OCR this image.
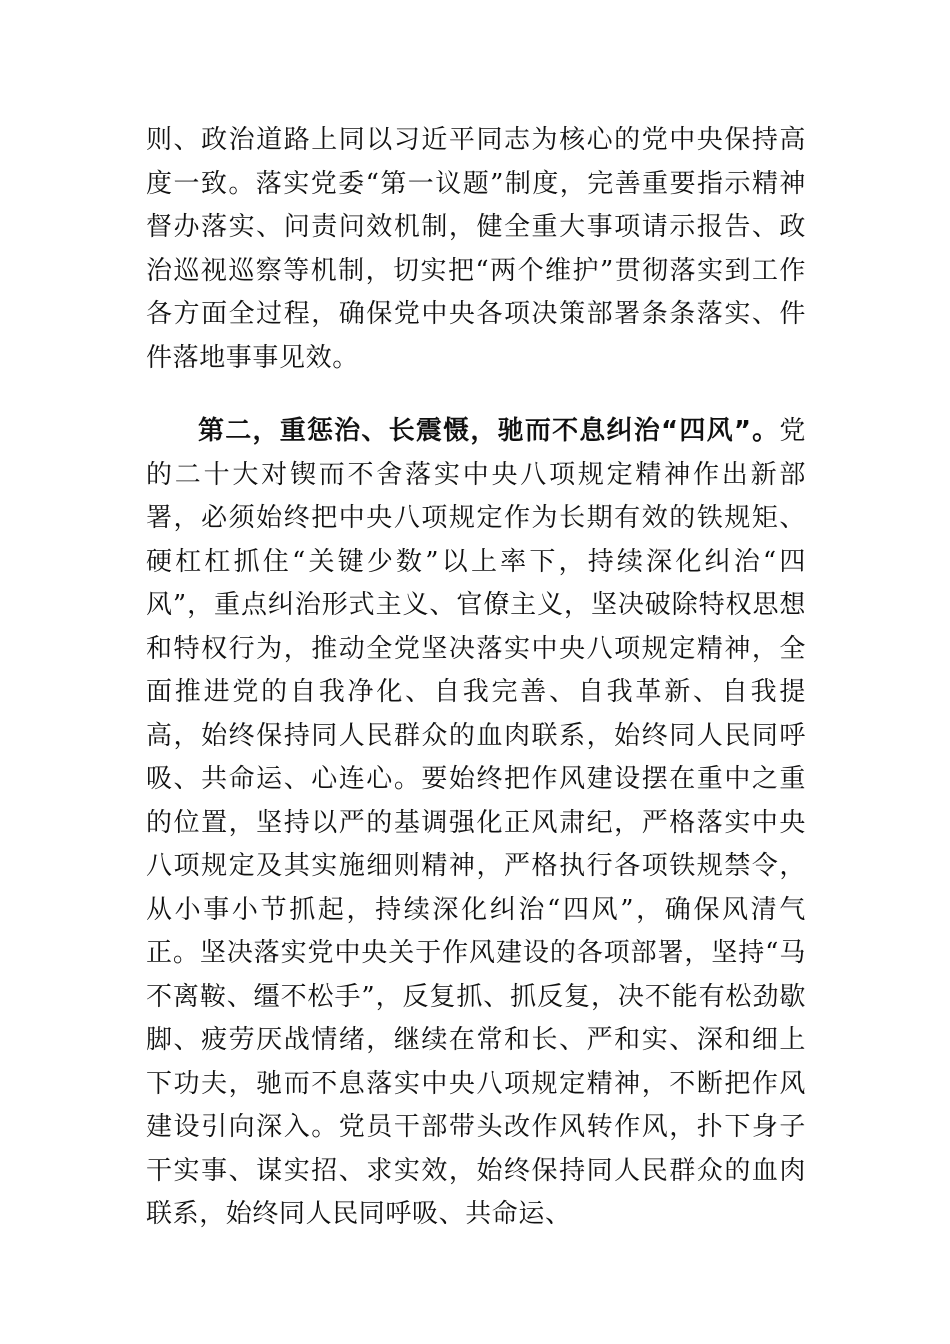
则、政治道路上同以习近平同志为核心的党中央保持高度一致。落实党委“第一议题”制度，完善重要指示精神督办落实、问责问效机制，健全重大事项请示报告、政治巡视巡察等机制，切实把“两个维护”贯彻落实到工作各方面全过程，确保党中央各项决策部署条条落实、件件落地事事见效。

第二，重惩治、长震慑，驰而不息纠治“四风”。党的二十大对锲而不舍落实中央八项规定精神作出新部署，必须始终把中央八项规定作为长期有效的铁规矩、硬杠杠抓住“关键少数”以上率下，持续深化纠治“四风”，重点纠治形式主义、官僚主义，坚决破除特权思想和特权行为，推动全党坚决落实中央八项规定精神，全面推进党的自我净化、自我完善、自我革新、自我提高，始终保持同人民群众的血肉联系，始终同人民同呼吸、共命运、心连心。要始终把作风建设摆在重中之重的位置，坚持以严的基调强化正风肃纪，严格落实中央八项规定及其实施细则精神，严格执行各项铁规禁令，从小事小节抓起，持续深化纠治“四风”，确保风清气正。坚决落实党中央关于作风建设的各项部署，坚持“马不离鞍、缰不松手”，反复抓、抓反复，决不能有松劲歇脚、疲劳厌战情绪，继续在常和长、严和实、深和细上下功夫，驰而不息落实中央八项规定精神，不断把作风建设引向深入。党员干部带头改作风转作风，扑下身子干实事、谋实招、求实效，始终保持同人民群众的血肉联系，始终同人民同呼吸、共命运、
